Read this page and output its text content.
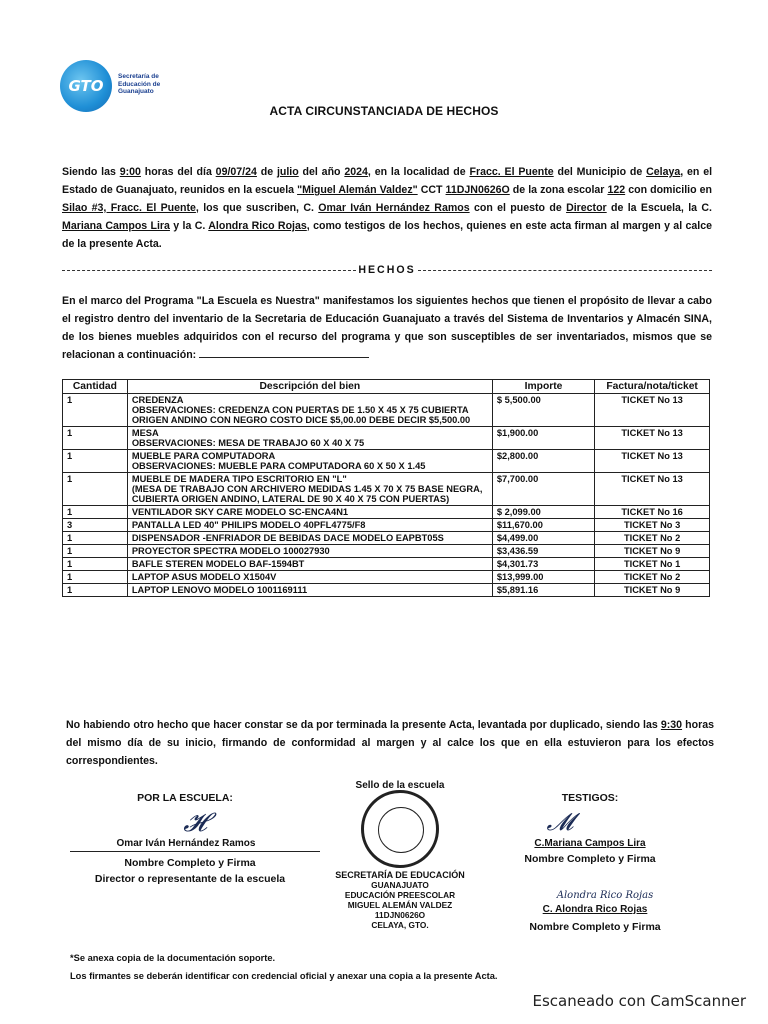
GTO
Secretaría de Educación de Guanajuato
ACTA CIRCUNSTANCIADA DE HECHOS
Siendo las 9:00 horas del día 09/07/24 de julio del año 2024, en la localidad de Fracc. El Puente del Municipio de Celaya, en el Estado de Guanajuato, reunidos en la escuela "Miguel Alemán Valdez" CCT 11DJN0626O de la zona escolar 122 con domicilio en Silao #3, Fracc. El Puente, los que suscriben, C. Omar Iván Hernández Ramos con el puesto de Director de la Escuela, la C. Mariana Campos Lira y la C. Alondra Rico Rojas, como testigos de los hechos, quienes en este acta firman al margen y al calce de la presente Acta.
HECHOS
En el marco del Programa "La Escuela es Nuestra" manifestamos los siguientes hechos que tienen el propósito de llevar a cabo el registro dentro del inventario de la Secretaria de Educación Guanajuato a través del Sistema de Inventarios y Almacén SINA, de los bienes muebles adquiridos con el recurso del programa y que son susceptibles de ser inventariados, mismos que se relacionan a continuación:
Cantidad	Descripción del bien	Importe	Factura/nota/ticket
1	CREDENZA
OBSERVACIONES: CREDENZA CON PUERTAS DE 1.50 X 45 X 75 CUBIERTA ORIGEN ANDINO CON NEGRO COSTO DICE $5,00.00 DEBE DECIR $5,500.00	$ 5,500.00	TICKET No 13
1	MESA
OBSERVACIONES: MESA DE TRABAJO 60 X 40 X 75	$1,900.00	TICKET No 13
1	MUEBLE PARA COMPUTADORA
OBSERVACIONES: MUEBLE PARA COMPUTADORA 60 X 50 X 1.45	$2,800.00	TICKET No 13
1	MUEBLE DE MADERA TIPO ESCRITORIO EN "L"
(MESA DE TRABAJO CON ARCHIVERO MEDIDAS 1.45 X 70 X 75 BASE NEGRA, CUBIERTA ORIGEN ANDINO, LATERAL DE 90 X 40 X 75 CON PUERTAS)	$7,700.00	TICKET No 13
1	VENTILADOR SKY CARE MODELO SC-ENCA4N1	$ 2,099.00	TICKET No 16
3	PANTALLA LED 40" PHILIPS MODELO 40PFL4775/F8	$11,670.00	TICKET No 3
1	DISPENSADOR -ENFRIADOR DE BEBIDAS DACE MODELO EAPBT05S	$4,499.00	TICKET No 2
1	PROYECTOR SPECTRA MODELO 100027930	$3,436.59	TICKET No 9
1	BAFLE STEREN MODELO BAF-1594BT	$4,301.73	TICKET No 1
1	LAPTOP ASUS MODELO X1504V	$13,999.00	TICKET No 2
1	LAPTOP LENOVO MODELO 1001169111	$5,891.16	TICKET No 9
No habiendo otro hecho que hacer constar se da por terminada la presente Acta, levantada por duplicado, siendo las 9:30 horas del mismo día de su inicio, firmando de conformidad al margen y al calce los que en ella estuvieron para los efectos correspondientes.
POR LA ESCUELA:
𝓗
Omar Iván Hernández Ramos
Nombre Completo y Firma
Director o representante de la escuela
Sello de la escuela
SECRETARÍA DE EDUCACIÓN
GUANAJUATO
EDUCACIÓN PREESCOLAR
MIGUEL ALEMÁN VALDEZ
11DJN0626O
CELAYA, GTO.
TESTIGOS:
𝓜
C.Mariana Campos Lira
Nombre Completo y Firma
Alondra Rico Rojas
C. Alondra Rico Rojas
Nombre Completo y Firma
*Se anexa copia de la documentación soporte.
Los firmantes se deberán identificar con credencial oficial y anexar una copia a la presente Acta.
Escaneado con CamScanner
